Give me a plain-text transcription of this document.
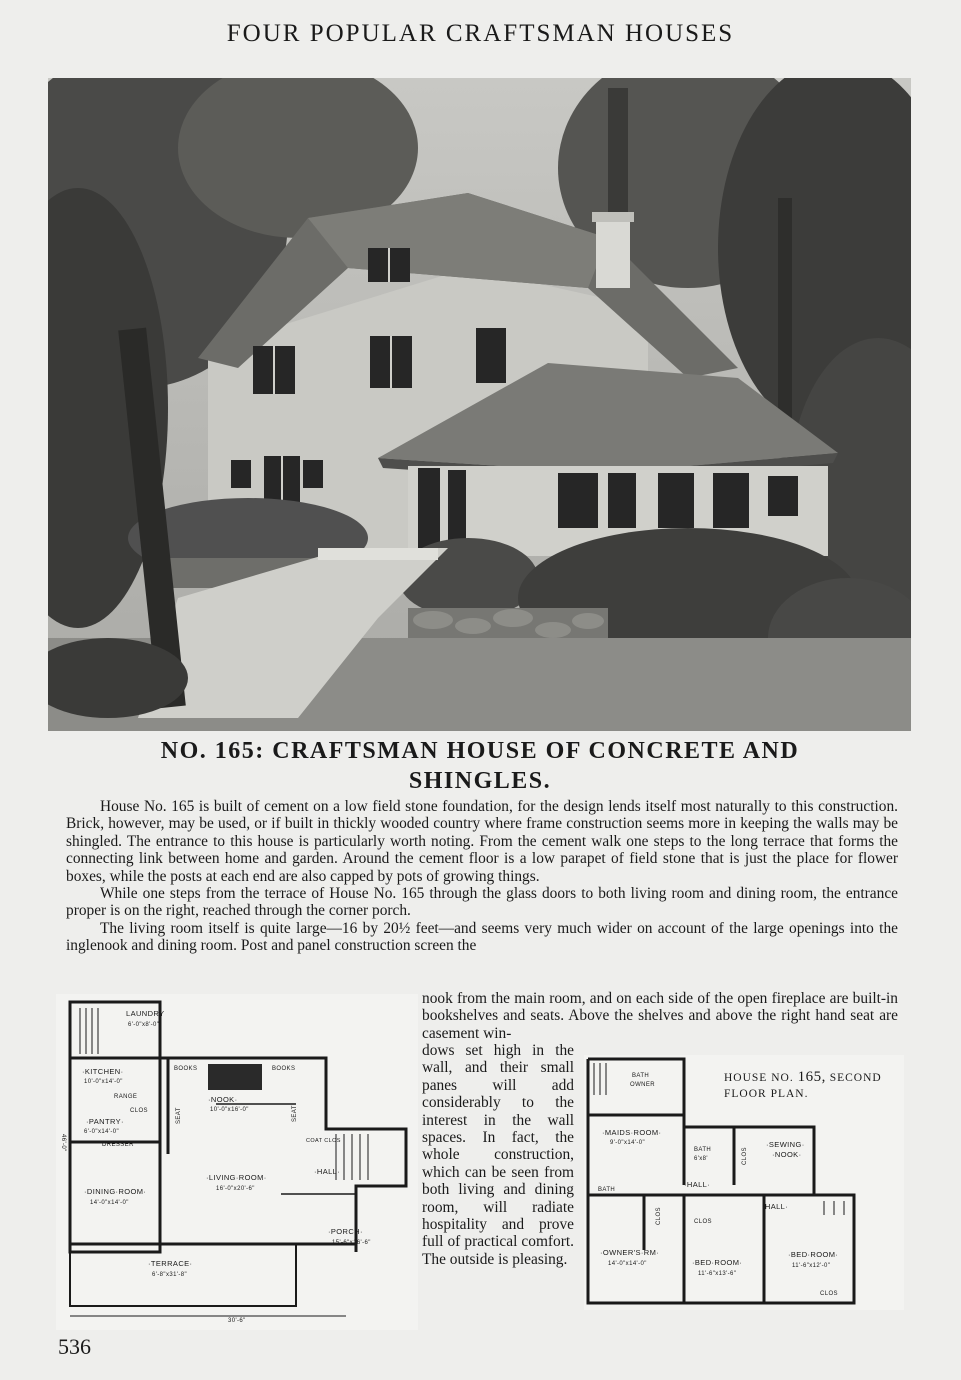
FOUR POPULAR CRAFTSMAN HOUSES
NO. 165: CRAFTSMAN HOUSE OF CONCRETE AND
SHINGLES.

House No. 165 is built of cement on a low field stone foundation, for the design lends itself most naturally to this construction. Brick, however, may be used, or if built in thickly wooded country where frame construction seems more in keeping the walls may be shingled. The entrance to this house is particularly worth noting. From the cement walk one steps to the long terrace that forms the connecting link between home and garden. Around the cement floor is a low parapet of field stone that is just the place for flower boxes, while the posts at each end are also capped by pots of growing things.

While one steps from the terrace of House No. 165 through the glass doors to both living room and dining room, the entrance proper is on the right, reached through the corner porch.

The living room itself is quite large—16 by 20½ feet—and seems very much wider on account of the large openings into the inglenook and dining room. Post and panel construction screen the

nook from the main room, and on each side of the open fireplace are built-in bookshelves and seats. Above the shelves and above the right hand seat are casement win-
dows set high in the wall, and their small panes will add considerably to the interest in the wall spaces. In fact, the whole construction, which can be seen from both living and dining room, will radiate hospitality and prove full of practical comfort. The outside is pleasing.
LAUNDRY
6'-0"x8'-0"
·KITCHEN·
10'-0"x14'-0"
RANGE
CLOS
·PANTRY·
6'-0"x14'-0"
DRESSER
BOOKS	BOOKS
·NOOK·
10'-0"x16'-0"
SEAT	SEAT
COAT CLOS
·LIVING·ROOM·
16'-0"x20'-6"
·HALL·
·DINING·ROOM·
14'-0"x14'-0"
·PORCH·
15'-6"x16'-6"
·TERRACE·
6'-8"x31'-8"
30'-6"
46'-0"
BATH
OWNER
·MAIDS·ROOM·
9'-0"x14'-0"
BATH
6'x8'	CLOS
·SEWING·
·NOOK·
BATH
·HALL·
·HALL·
CLOS
CLOS
·OWNER'S·RM·
14'-0"x14'-0"	·BED·ROOM·
11'-6"x13'-6"
·BED·ROOM·
11'-6"x12'-0"
CLOS
HOUSE NO. 165, SECOND
FLOOR PLAN.
536
